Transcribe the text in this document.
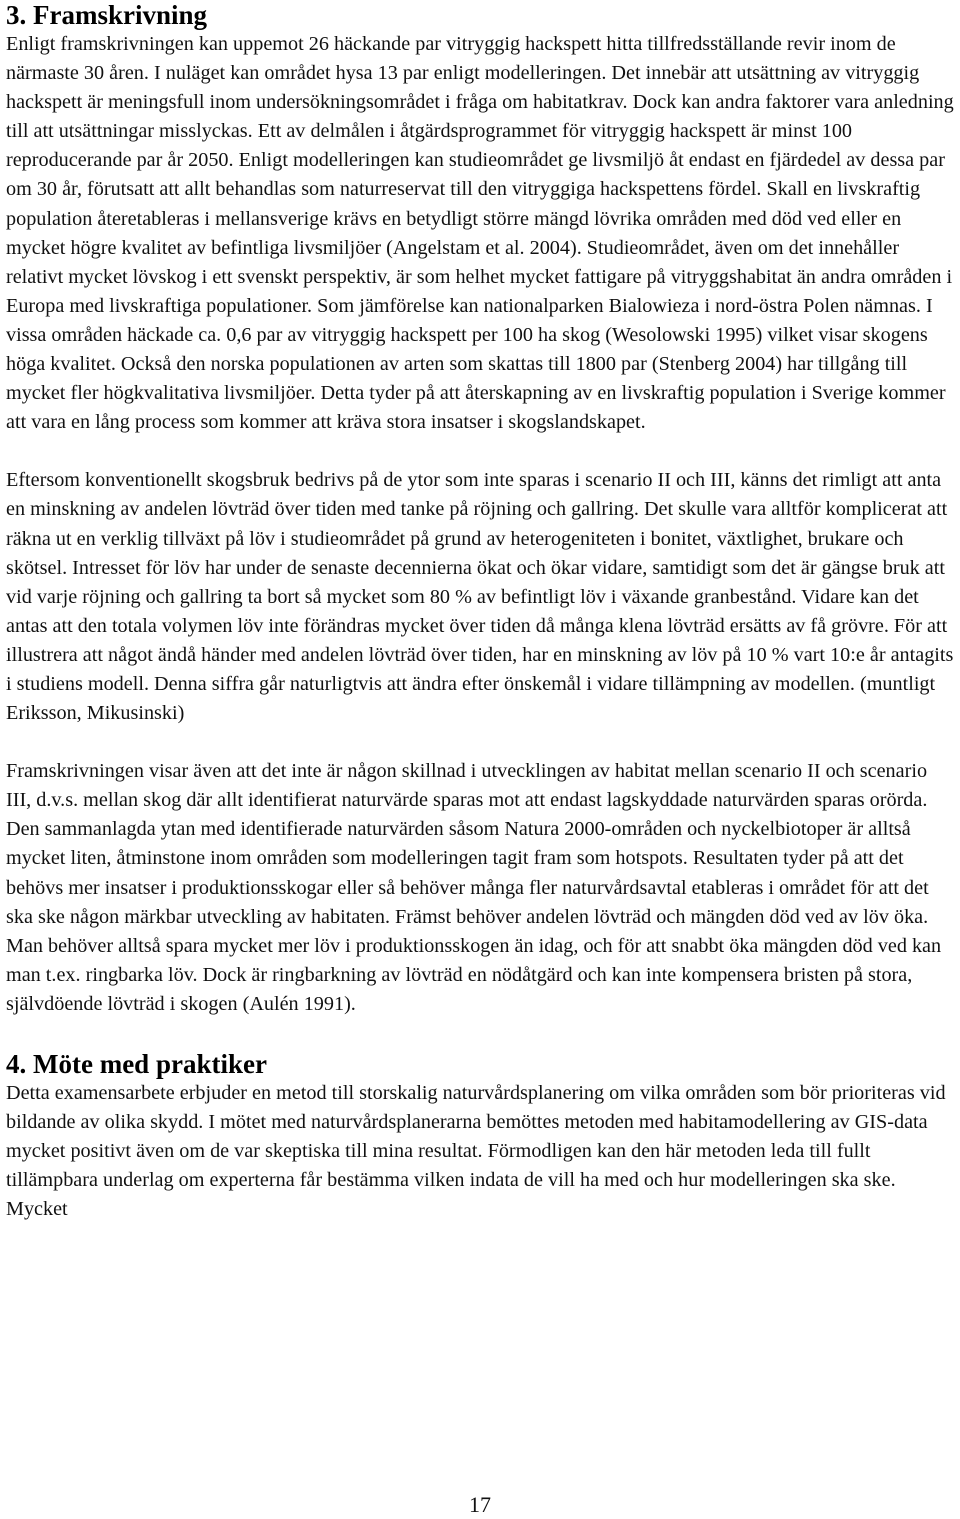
3. Framskrivning

Enligt framskrivningen kan uppemot 26 häckande par vitryggig hackspett hitta tillfredsställande revir inom de närmaste 30 åren. I nuläget kan området hysa 13 par enligt modelleringen. Det innebär att utsättning av vitryggig hackspett är meningsfull inom undersökningsområdet i fråga om habitatkrav. Dock kan andra faktorer vara anledning till att utsättningar misslyckas. Ett av delmålen i åtgärdsprogrammet för vitryggig hackspett är minst 100 reproducerande par år 2050. Enligt modelleringen kan studieområdet ge livsmiljö åt endast en fjärdedel av dessa par om 30 år, förutsatt att allt behandlas som naturreservat till den vitryggiga hackspettens fördel. Skall en livskraftig population återetableras i mellansverige krävs en betydligt större mängd lövrika områden med död ved eller en mycket högre kvalitet av befintliga livsmiljöer (Angelstam et al. 2004). Studieområdet, även om det innehåller relativt mycket lövskog i ett svenskt perspektiv, är som helhet mycket fattigare på vitryggshabitat än andra områden i Europa med livskraftiga populationer. Som jämförelse kan nationalparken Bialowieza i nord-östra Polen nämnas. I vissa områden häckade ca. 0,6 par av vitryggig hackspett per 100 ha skog (Wesolowski 1995) vilket visar skogens höga kvalitet. Också den norska populationen av arten som skattas till 1800 par (Stenberg 2004) har tillgång till mycket fler högkvalitativa livsmiljöer. Detta tyder på att återskapning av en livskraftig population i Sverige kommer att vara en lång process som kommer att kräva stora insatser i skogslandskapet.

Eftersom konventionellt skogsbruk bedrivs på de ytor som inte sparas i scenario II och III, känns det rimligt att anta en minskning av andelen lövträd över tiden med tanke på röjning och gallring. Det skulle vara alltför komplicerat att räkna ut en verklig tillväxt på löv i studieområdet på grund av heterogeniteten i bonitet, växtlighet, brukare och skötsel. Intresset för löv har under de senaste decennierna ökat och ökar vidare, samtidigt som det är gängse bruk att vid varje röjning och gallring ta bort så mycket som 80 % av befintligt löv i växande granbestånd. Vidare kan det antas att den totala volymen löv inte förändras mycket över tiden då många klena lövträd ersätts av få grövre. För att illustrera att något ändå händer med andelen lövträd över tiden, har en minskning av löv på 10 % vart 10:e år antagits i studiens modell. Denna siffra går naturligtvis att ändra efter önskemål i vidare tillämpning av modellen. (muntligt Eriksson, Mikusinski)

Framskrivningen visar även att det inte är någon skillnad i utvecklingen av habitat mellan scenario II och scenario III, d.v.s. mellan skog där allt identifierat naturvärde sparas mot att endast lagskyddade naturvärden sparas orörda. Den sammanlagda ytan med identifierade naturvärden såsom Natura 2000-områden och nyckelbiotoper är alltså mycket liten, åtminstone inom områden som modelleringen tagit fram som hotspots. Resultaten tyder på att det behövs mer insatser i produktionsskogar eller så behöver många fler naturvårdsavtal etableras i området för att det ska ske någon märkbar utveckling av habitaten. Främst behöver andelen lövträd och mängden död ved av löv öka. Man behöver alltså spara mycket mer löv i produktionsskogen än idag, och för att snabbt öka mängden död ved kan man t.ex. ringbarka löv. Dock är ringbarkning av lövträd en nödåtgärd och kan inte kompensera bristen på stora, självdöende lövträd i skogen (Aulén 1991).

4. Möte med praktiker

Detta examensarbete erbjuder en metod till storskalig naturvårdsplanering om vilka områden som bör prioriteras vid bildande av olika skydd. I mötet med naturvårdsplanerarna bemöttes metoden med habitamodellering av GIS-data mycket positivt även om de var skeptiska till mina resultat. Förmodligen kan den här metoden leda till fullt tillämpbara underlag om experterna får bestämma vilken indata de vill ha med och hur modelleringen ska ske. Mycket

17
